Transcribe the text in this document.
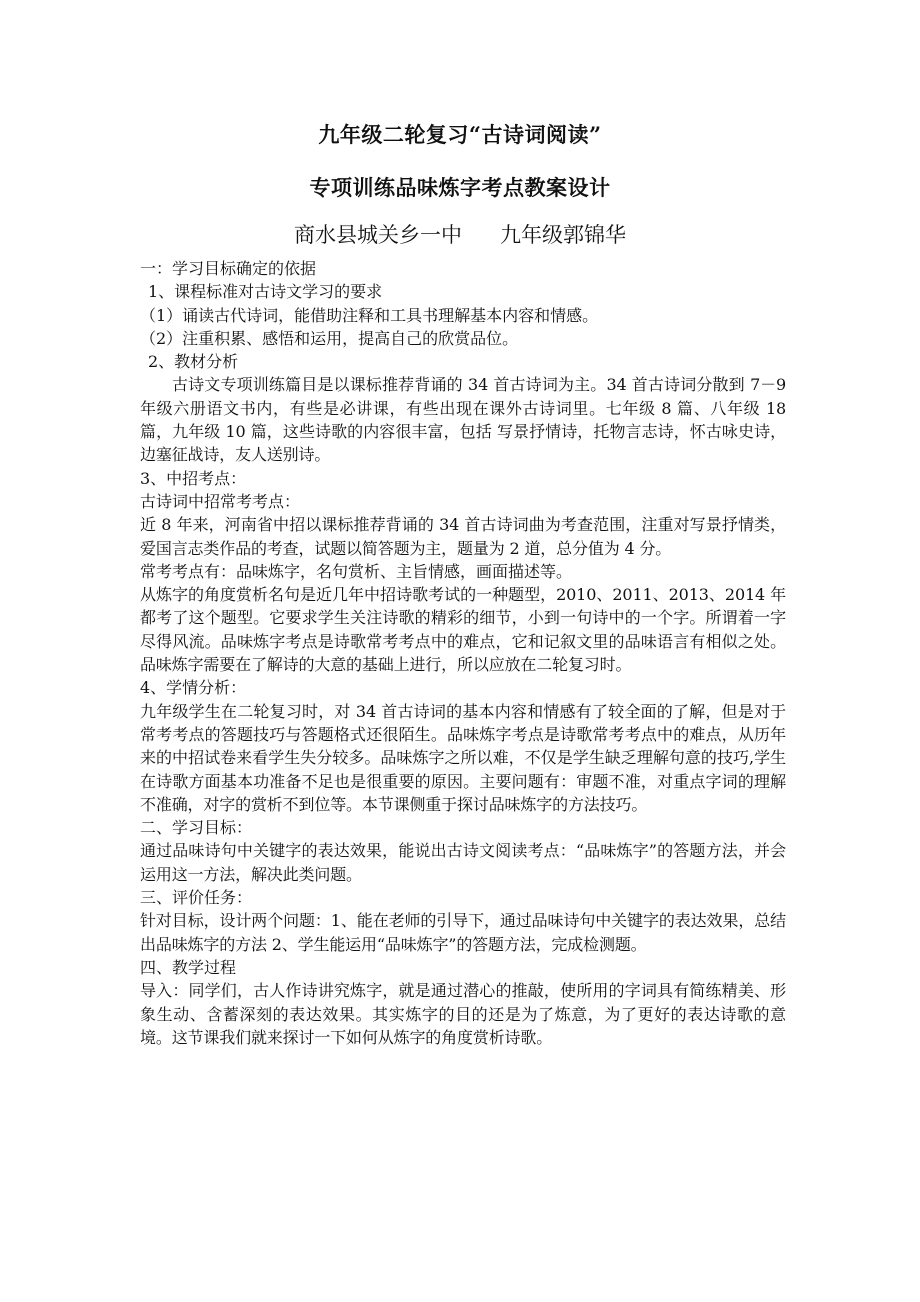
九年级二轮复习“古诗词阅读”
专项训练品味炼字考点教案设计
商水县城关乡一中 九年级郭锦华

一：学习目标确定的依据

1、课程标准对古诗文学习的要求

（1）诵读古代诗词，能借助注释和工具书理解基本内容和情感。

（2）注重积累、感悟和运用，提高自己的欣赏品位。

2、教材分析

古诗文专项训练篇目是以课标推荐背诵的 34 首古诗词为主。34 首古诗词分散到 7－9 年级六册语文书内，有些是必讲课，有些出现在课外古诗词里。七年级 8 篇、八年级 18 篇，九年级 10 篇，这些诗歌的内容很丰富，包括 写景抒情诗，托物言志诗，怀古咏史诗，边塞征战诗，友人送别诗。

3、中招考点：

古诗词中招常考考点：

近 8 年来，河南省中招以课标推荐背诵的 34 首古诗词曲为考查范围，注重对写景抒情类，爱国言志类作品的考查，试题以简答题为主，题量为 2 道，总分值为 4 分。

常考考点有：品味炼字，名句赏析、主旨情感，画面描述等。

从炼字的角度赏析名句是近几年中招诗歌考试的一种题型，2010、2011、2013、2014 年都考了这个题型。它要求学生关注诗歌的精彩的细节，小到一句诗中的一个字。所谓着一字尽得风流。品味炼字考点是诗歌常考考点中的难点，它和记叙文里的品味语言有相似之处。品味炼字需要在了解诗的大意的基础上进行，所以应放在二轮复习时。

4、学情分析：

九年级学生在二轮复习时，对 34 首古诗词的基本内容和情感有了较全面的了解，但是对于常考考点的答题技巧与答题格式还很陌生。品味炼字考点是诗歌常考考点中的难点，从历年来的中招试卷来看学生失分较多。品味炼字之所以难，不仅是学生缺乏理解句意的技巧,学生在诗歌方面基本功准备不足也是很重要的原因。主要问题有：审题不准，对重点字词的理解不准确，对字的赏析不到位等。本节课侧重于探讨品味炼字的方法技巧。

二、学习目标：

通过品味诗句中关键字的表达效果，能说出古诗文阅读考点：“品味炼字”的答题方法，并会运用这一方法，解决此类问题。

三、评价任务：

针对目标，设计两个问题：1、能在老师的引导下，通过品味诗句中关键字的表达效果，总结出品味炼字的方法 2、学生能运用“品味炼字”的答题方法，完成检测题。

四、教学过程

导入：同学们，古人作诗讲究炼字，就是通过潜心的推敲，使所用的字词具有简练精美、形象生动、含蓄深刻的表达效果。其实炼字的目的还是为了炼意，为了更好的表达诗歌的意境。这节课我们就来探讨一下如何从炼字的角度赏析诗歌。
